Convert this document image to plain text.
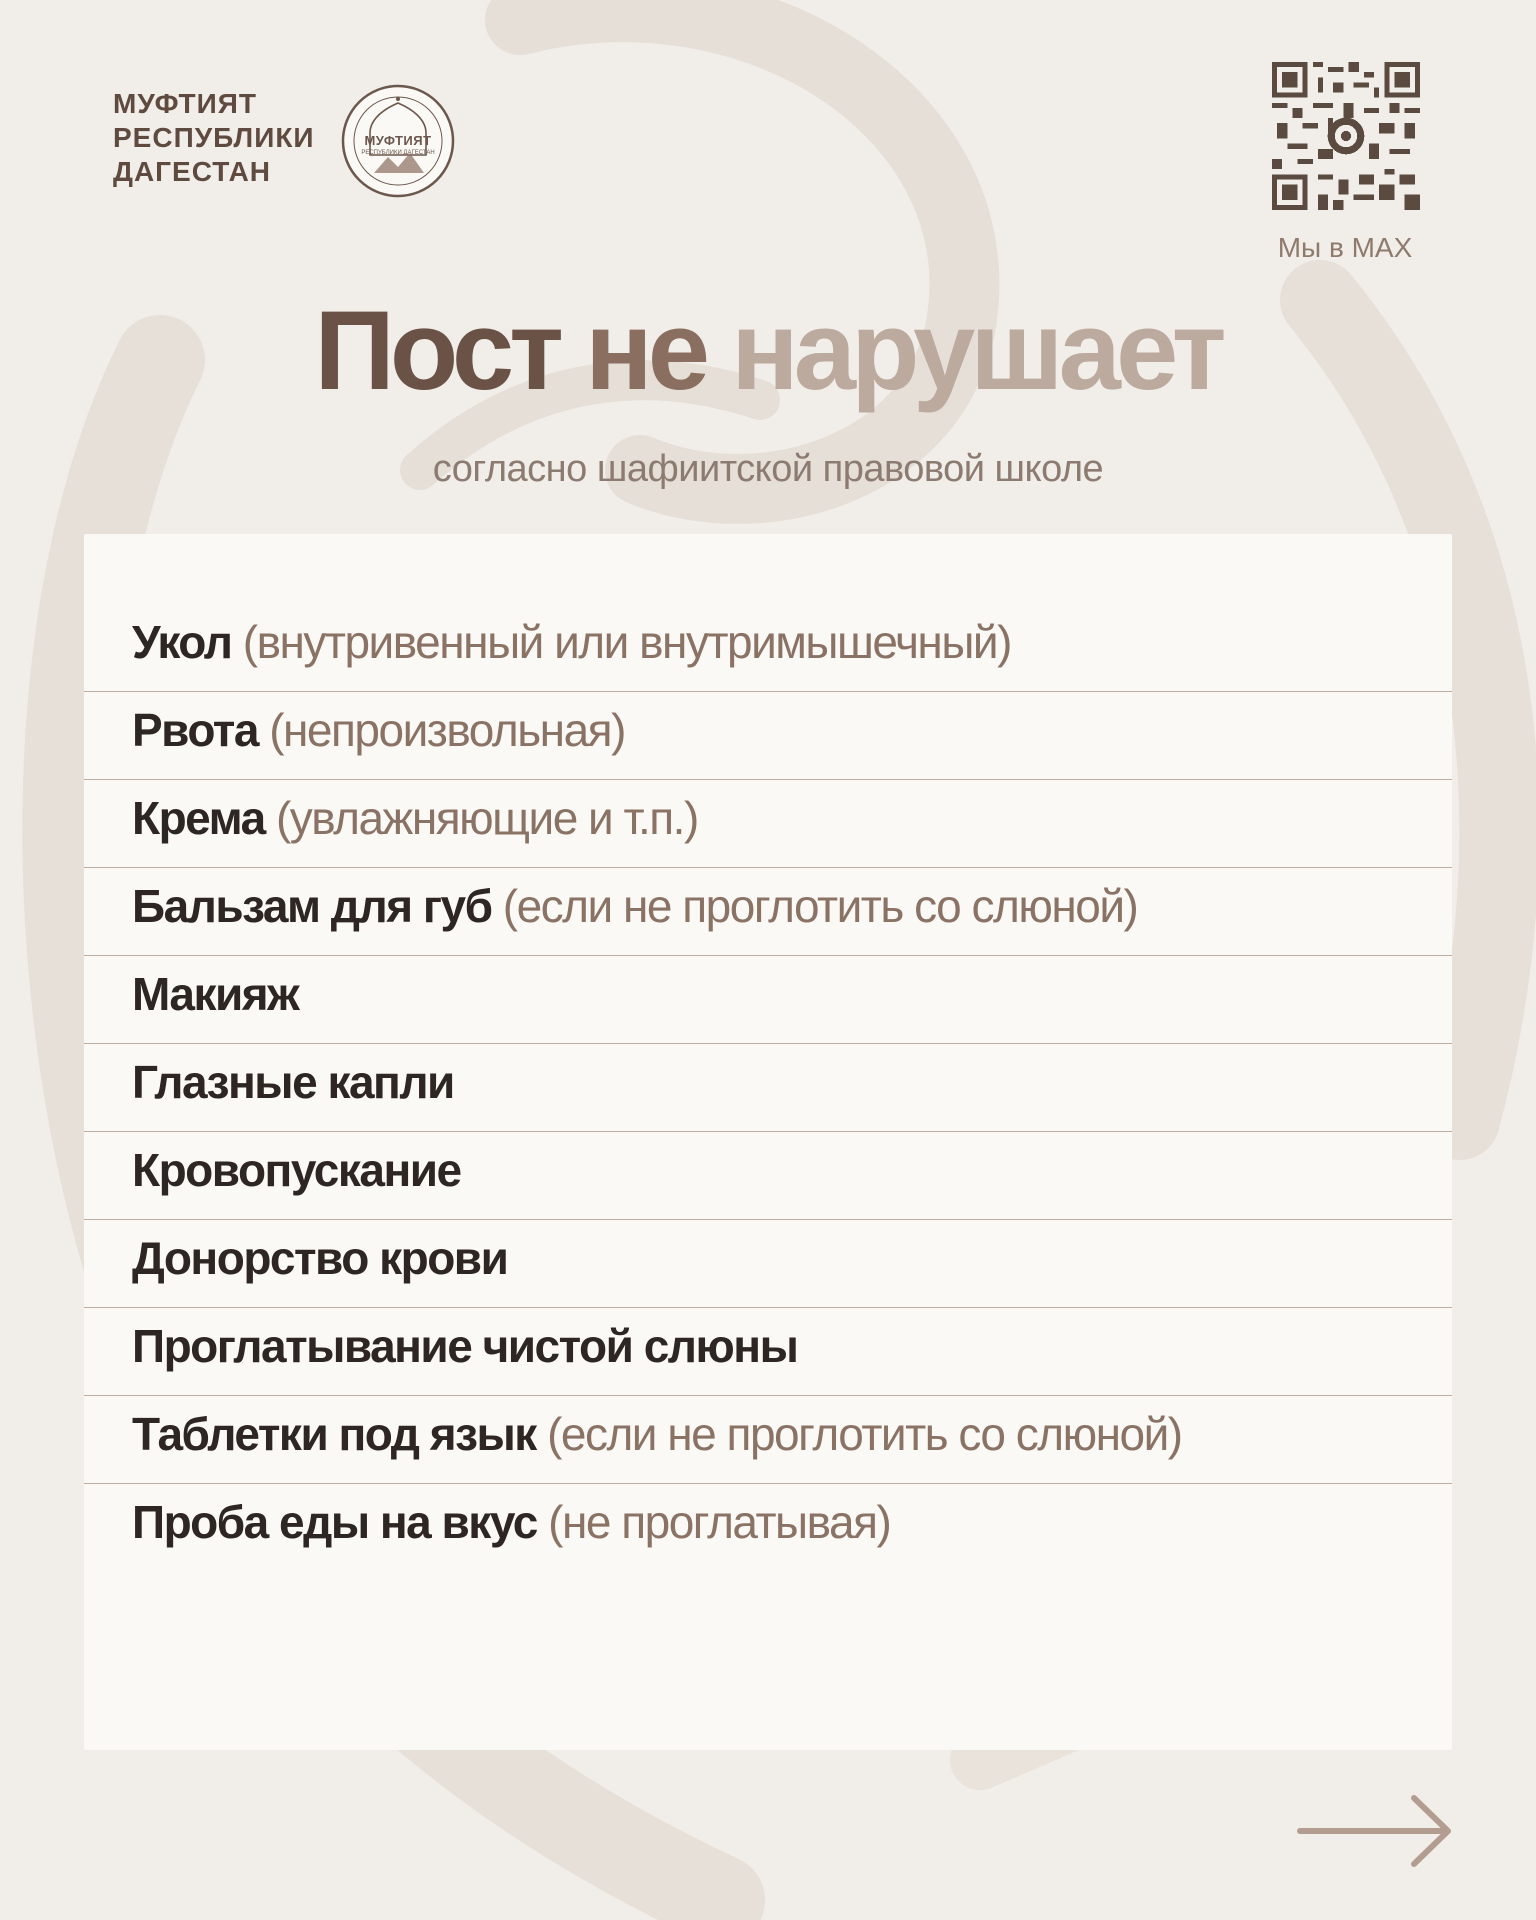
МУФТИЯТ
РЕСПУБЛИКИ
ДАГЕСТАН
МУФТИЯТ
РЕСПУБЛИКИ ДАГЕСТАН
Мы в MAX
Пост не нарушает
согласно шафиитской правовой школе
Укол (внутривенный или внутримышечный)
Рвота (непроизвольная)
Крема (увлажняющие и т.п.)
Бальзам для губ (если не проглотить со слюной)
Макияж
Глазные капли
Кровопускание
Донорство крови
Проглатывание чистой слюны
Таблетки под язык (если не проглотить со слюной)
Проба еды на вкус (не проглатывая)
